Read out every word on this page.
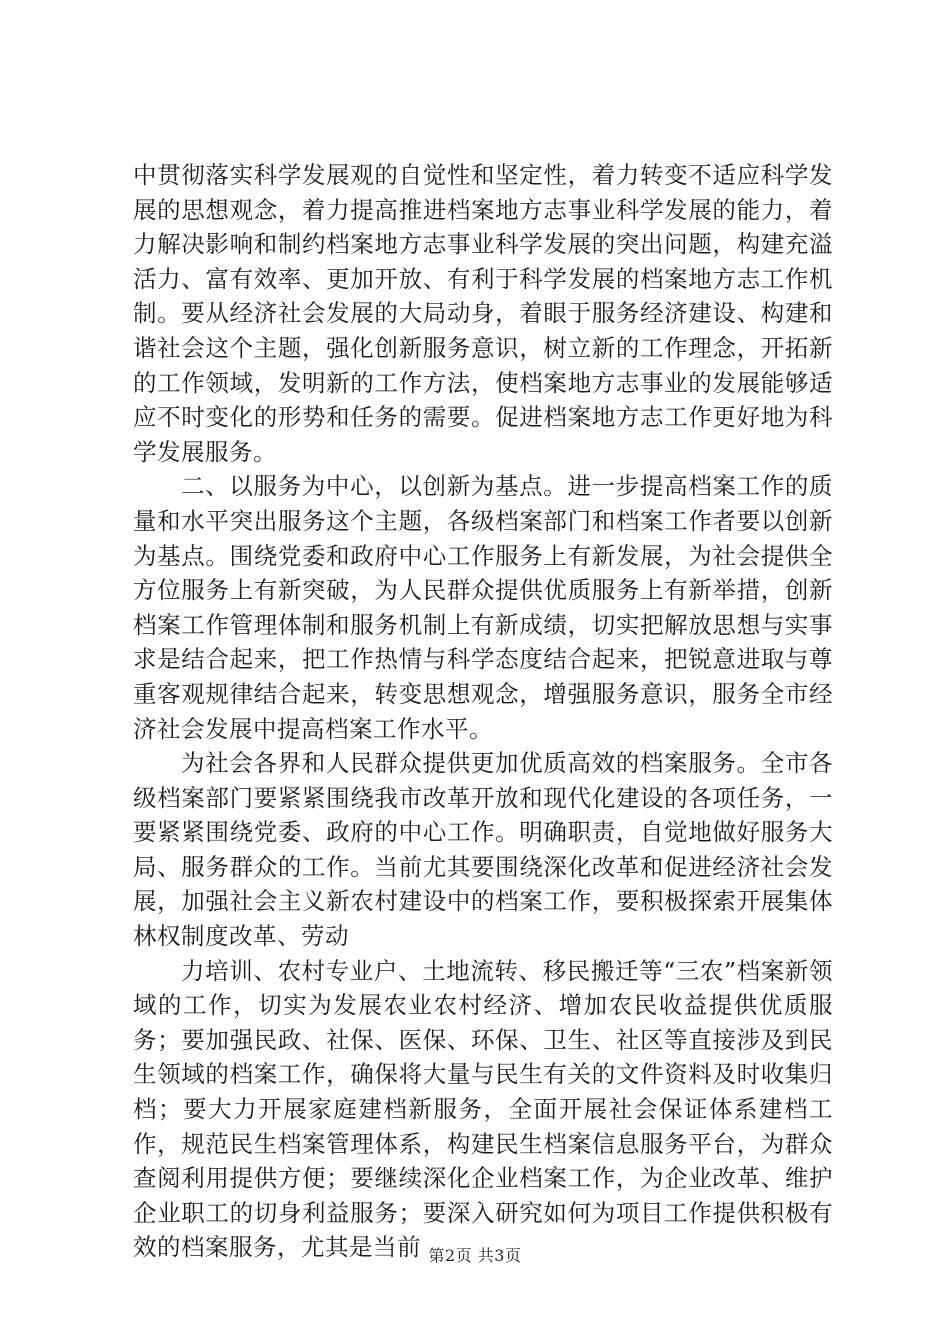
中贯彻落实科学发展观的自觉性和坚定性，着力转变不适应科学发展的思想观念，着力提高推进档案地方志事业科学发展的能力，着力解决影响和制约档案地方志事业科学发展的突出问题，构建充溢活力、富有效率、更加开放、有利于科学发展的档案地方志工作机制。要从经济社会发展的大局动身，着眼于服务经济建设、构建和谐社会这个主题，强化创新服务意识，树立新的工作理念，开拓新的工作领域，发明新的工作方法，使档案地方志事业的发展能够适应不时变化的形势和任务的需要。促进档案地方志工作更好地为科学发展服务。

二、以服务为中心，以创新为基点。进一步提高档案工作的质量和水平突出服务这个主题，各级档案部门和档案工作者要以创新为基点。围绕党委和政府中心工作服务上有新发展，为社会提供全方位服务上有新突破，为人民群众提供优质服务上有新举措，创新档案工作管理体制和服务机制上有新成绩，切实把解放思想与实事求是结合起来，把工作热情与科学态度结合起来，把锐意进取与尊重客观规律结合起来，转变思想观念，增强服务意识，服务全市经济社会发展中提高档案工作水平。

为社会各界和人民群众提供更加优质高效的档案服务。全市各级档案部门要紧紧围绕我市改革开放和现代化建设的各项任务，一要紧紧围绕党委、政府的中心工作。明确职责，自觉地做好服务大局、服务群众的工作。当前尤其要围绕深化改革和促进经济社会发展，加强社会主义新农村建设中的档案工作，要积极探索开展集体林权制度改革、劳动

力培训、农村专业户、土地流转、移民搬迁等“三农”档案新领域的工作，切实为发展农业农村经济、增加农民收益提供优质服务；要加强民政、社保、医保、环保、卫生、社区等直接涉及到民生领域的档案工作，确保将大量与民生有关的文件资料及时收集归档；要大力开展家庭建档新服务，全面开展社会保证体系建档工作，规范民生档案管理体系，构建民生档案信息服务平台，为群众查阅利用提供方便；要继续深化企业档案工作，为企业改革、维护企业职工的切身利益服务；要深入研究如何为项目工作提供积极有效的档案服务，尤其是当前 第2页 共3页
